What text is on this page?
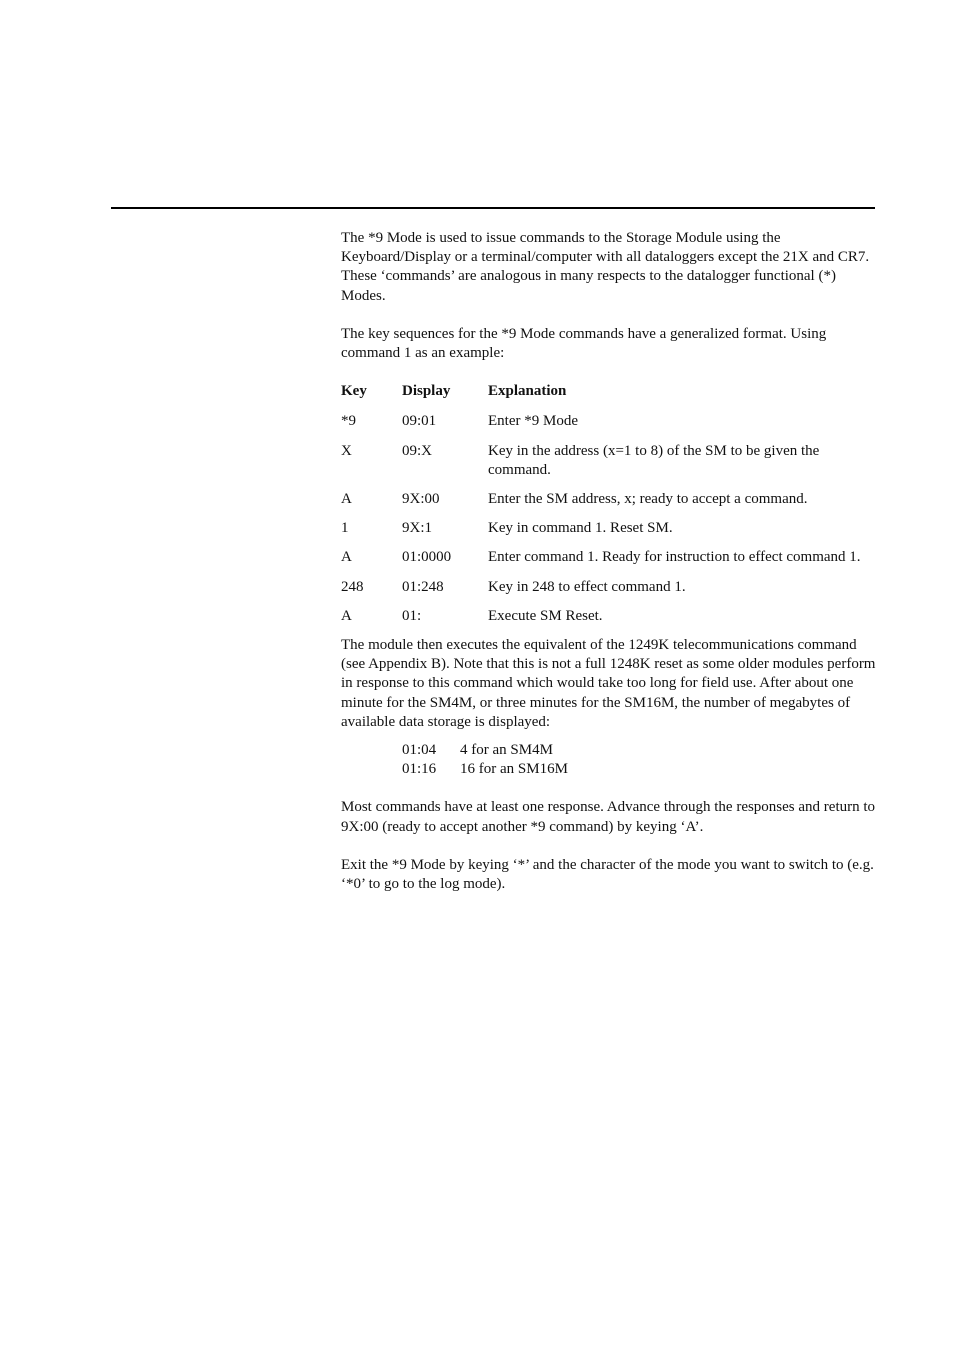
The *9 Mode is used to issue commands to the Storage Module using the Keyboard/Display or a terminal/computer with all dataloggers except the 21X and CR7. These ‘commands’ are analogous in many respects to the datalogger functional (*) Modes.

The key sequences for the *9 Mode commands have a generalized format. Using command 1 as an example:

Key	Display	Explanation
*9	09:01	Enter *9 Mode
X	09:X	Key in the address (x=1 to 8) of the SM to be given the command.
A	9X:00	Enter the SM address, x; ready to accept a command.
1	9X:1	Key in command 1. Reset SM.
A	01:0000	Enter command 1. Ready for instruction to effect command 1.
248	01:248	Key in 248 to effect command 1.
A	01:	Execute SM Reset.

The module then executes the equivalent of the 1249K telecommunications command (see Appendix B). Note that this is not a full 1248K reset as some older modules perform in response to this command which would take too long for field use. After about one minute for the SM4M, or three minutes for the SM16M, the number of megabytes of available data storage is displayed:

01:04	4 for an SM4M
01:16	16 for an SM16M

Most commands have at least one response. Advance through the responses and return to 9X:00 (ready to accept another *9 command) by keying ‘A’.

Exit the *9 Mode by keying ‘*’ and the character of the mode you want to switch to (e.g. ‘*0’ to go to the log mode).
